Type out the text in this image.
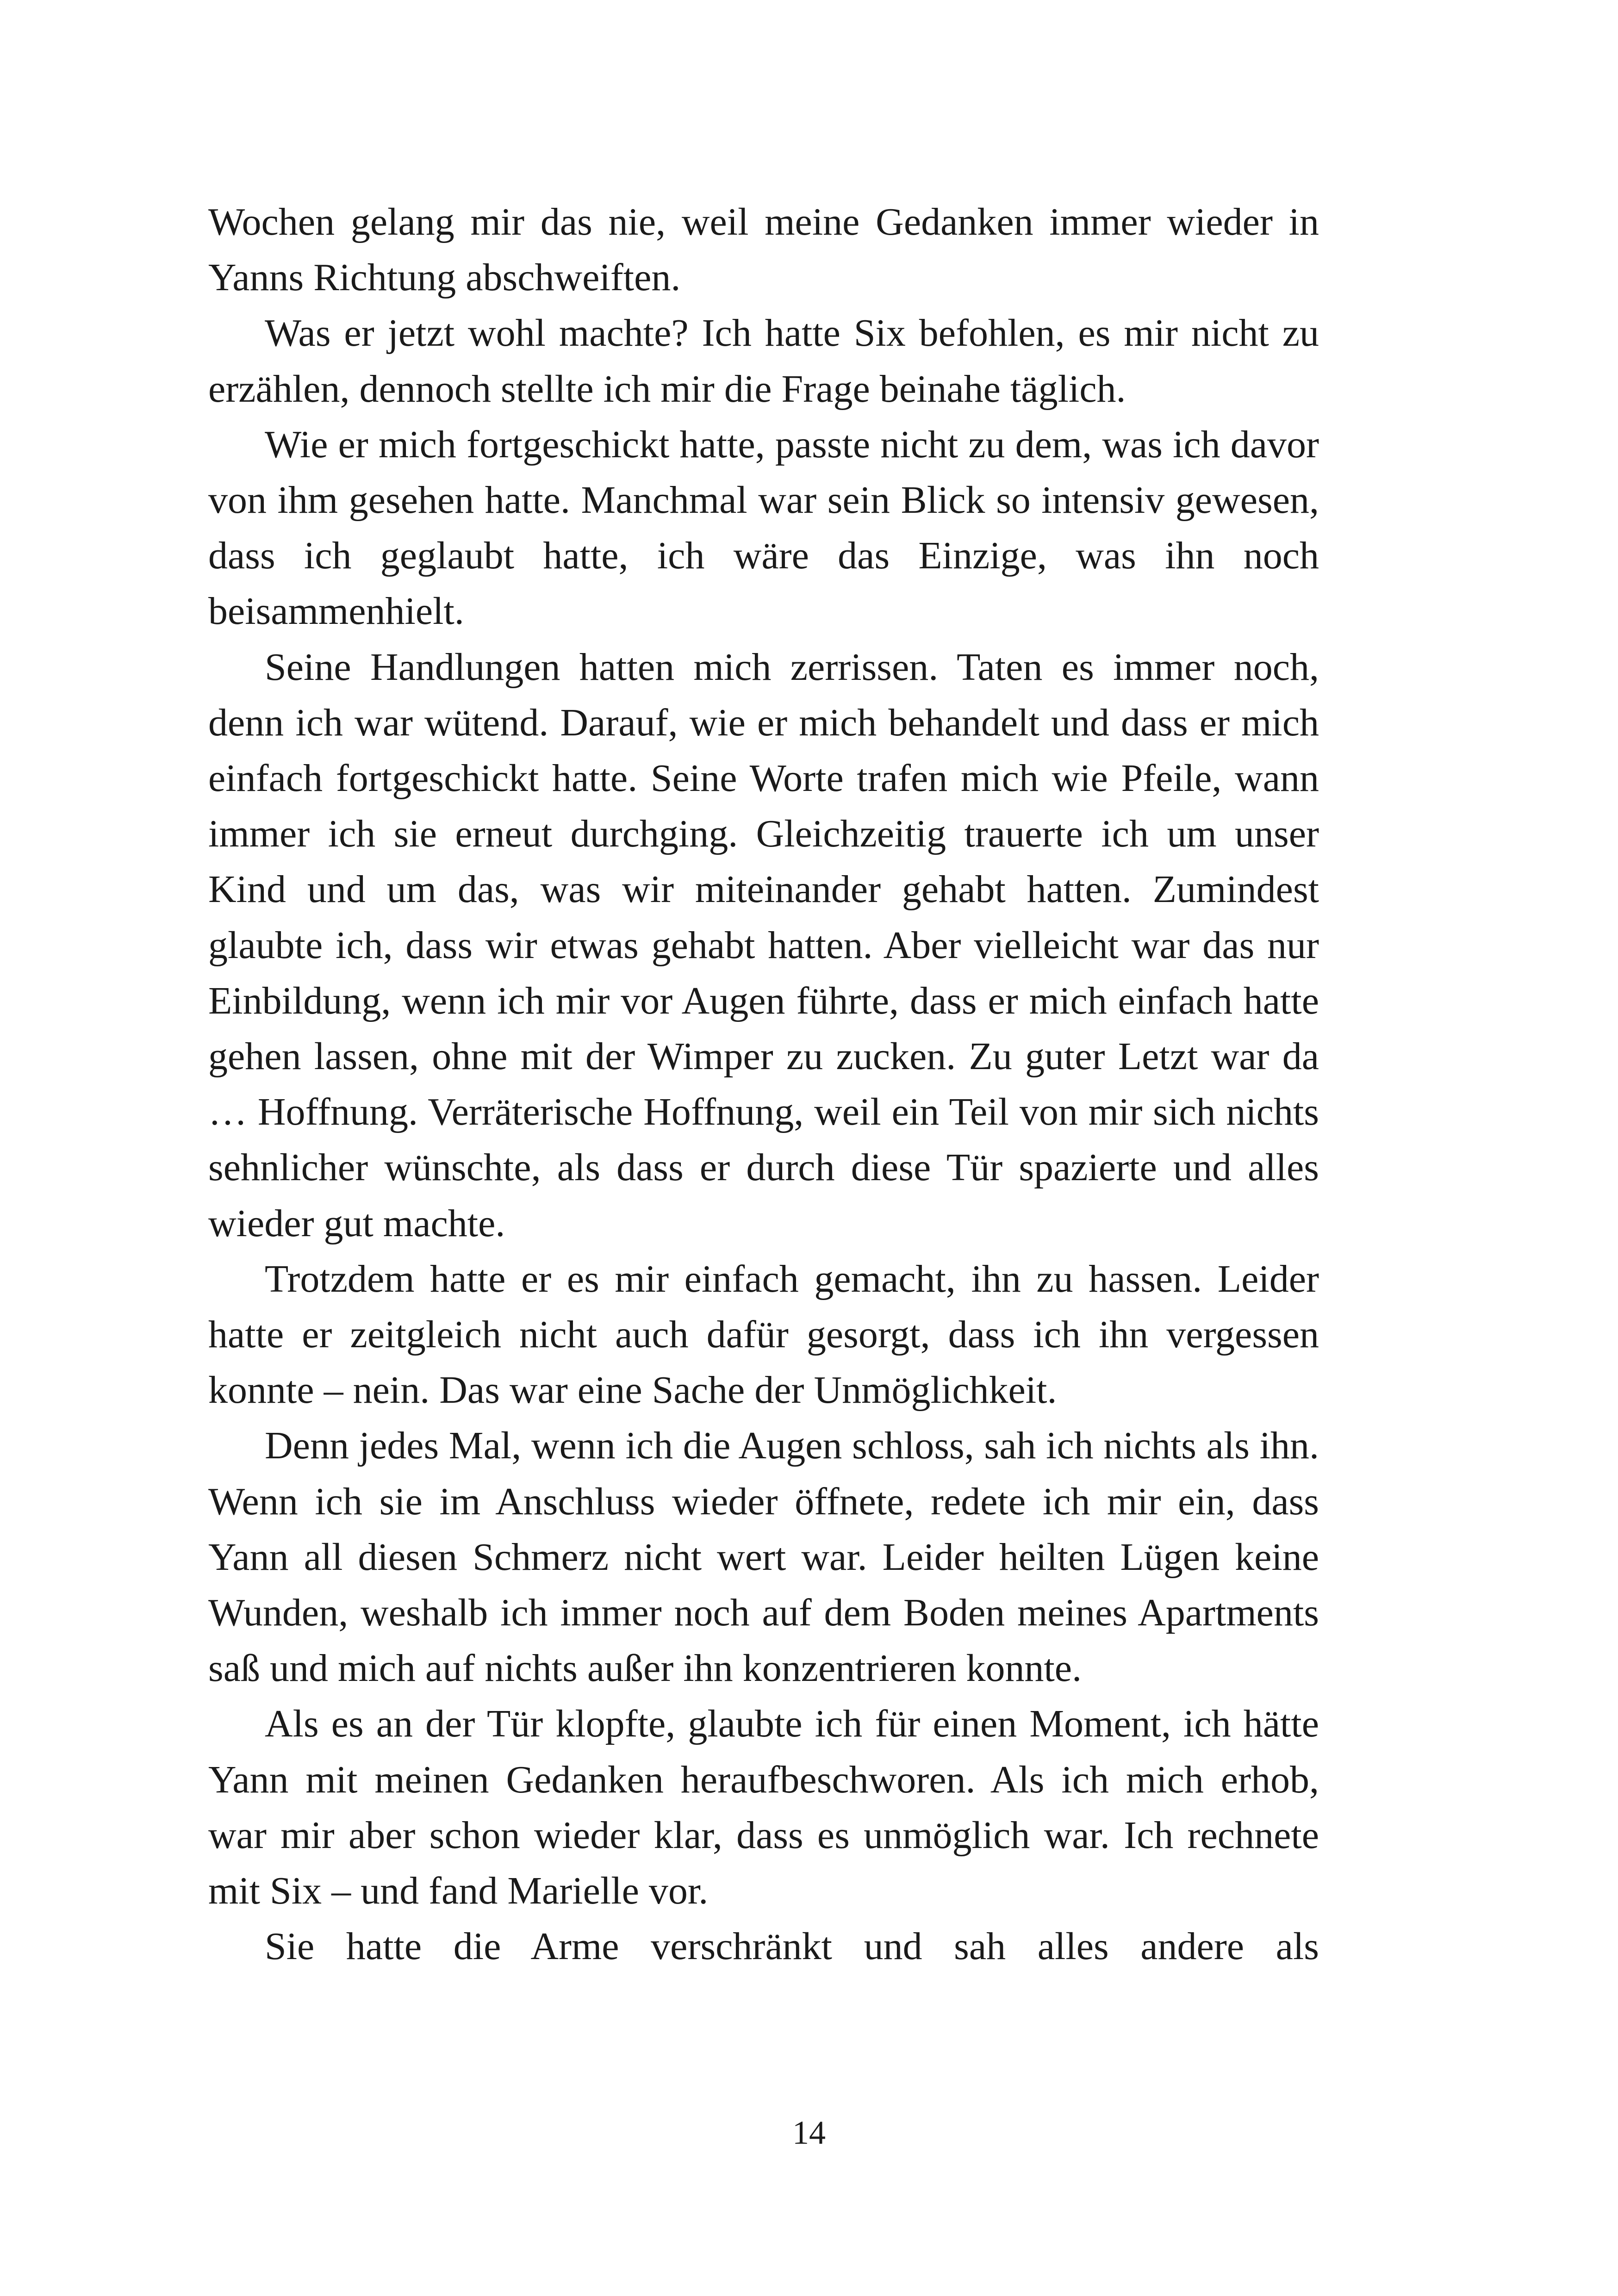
Wochen gelang mir das nie, weil meine Gedanken immer wieder in Yanns Richtung abschweiften.

Was er jetzt wohl machte? Ich hatte Six befohlen, es mir nicht zu erzählen, dennoch stellte ich mir die Frage beinahe täglich.

Wie er mich fortgeschickt hatte, passte nicht zu dem, was ich davor von ihm gesehen hatte. Manchmal war sein Blick so intensiv gewesen, dass ich geglaubt hatte, ich wäre das Einzige, was ihn noch beisammenhielt.

Seine Handlungen hatten mich zerrissen. Taten es immer noch, denn ich war wütend. Darauf, wie er mich behandelt und dass er mich einfach fortgeschickt hatte. Seine Worte trafen mich wie Pfeile, wann immer ich sie erneut durchging. Gleichzeitig trauerte ich um unser Kind und um das, was wir miteinander gehabt hatten. Zumindest glaubte ich, dass wir etwas gehabt hatten. Aber vielleicht war das nur Einbildung, wenn ich mir vor Augen führte, dass er mich einfach hatte gehen lassen, ohne mit der Wimper zu zucken. Zu guter Letzt war da … Hoffnung. Verräterische Hoffnung, weil ein Teil von mir sich nichts sehnlicher wünschte, als dass er durch diese Tür spazierte und alles wieder gut machte.

Trotzdem hatte er es mir einfach gemacht, ihn zu hassen. Leider hatte er zeitgleich nicht auch dafür gesorgt, dass ich ihn vergessen konnte – nein. Das war eine Sache der Unmöglichkeit.

Denn jedes Mal, wenn ich die Augen schloss, sah ich nichts als ihn. Wenn ich sie im Anschluss wieder öffnete, redete ich mir ein, dass Yann all diesen Schmerz nicht wert war. Leider heilten Lügen keine Wunden, weshalb ich immer noch auf dem Boden meines Apartments saß und mich auf nichts außer ihn konzentrieren konnte.

Als es an der Tür klopfte, glaubte ich für einen Moment, ich hätte Yann mit meinen Gedanken heraufbeschworen. Als ich mich erhob, war mir aber schon wieder klar, dass es unmöglich war. Ich rechnete mit Six – und fand Marielle vor.

Sie hatte die Arme verschränkt und sah alles andere als

14
